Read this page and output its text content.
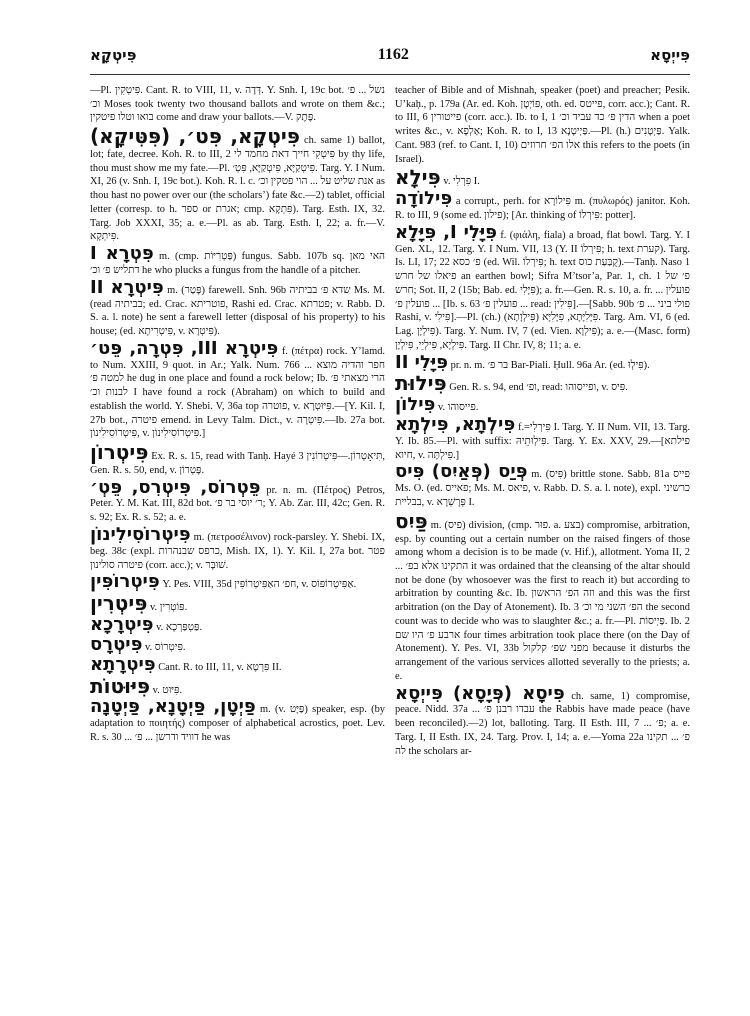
פִּיטְקָא	1162	פִּייְסָא

—Pl. פִּיטְקִין. Cant. R. to VIII, 11, v. דְּדָה. Y. Snh. I, 19c bot. נשל ... פ׳ וכ׳ Moses took twenty two thousand ballots and wrote on them &c.; בואו וטלו פיטקין come and draw your ballots.—V. פֶּתֶק.

פִּיטְקָא, פִּט׳, (פִּטִּיקָא) ch. same 1) ballot, lot; fate, decree. Koh. R. to III, 2 פִּיטְקִי חייך דאת מחמד לי by thy life, thou must show me my fate.—Pl. פִּיטְקַיָּא, פִּיטְקַיָּא, פִּטְ׳. Targ. Y. I Num. XI, 26 (v. Snh. I, 19c bot.). Koh. R. l. c. אנת שליט על ... הוי פטקין וכ׳ as thou hast no power over our (the scholars’) fate &c.—2) tablet, official letter (corresp. to h. ספר or אגרת; cmp. פִּתְקָא). Targ. Esth. IX, 32. Targ. Job XXXI, 35; a. e.—Pl. as ab. Targ. Esth. I, 22; a. fr.—V. פִּיתְקָא.

פִּטְרָא I m. (cmp. פַּטְרִיּוֹת) fungus. Sabb. 107b sq. האי מאן דתליש פ׳ וכ׳ he who plucks a fungus from the handle of a pitcher.

פִּיטְרָא II m. (פָּטַר) farewell. Snh. 96b שדא פ׳ בביתיה Ms. M. (read בביתיה; ed. Crac. פוטריתא, Rashi ed. Crac. פטרתא; v. Rabb. D. S. a. l. note) he sent a farewell letter (disposal of his property) to his house; (ed. פִּיטְרִיתָא, v. פִּיטְרָא).

פִּיטְרָא III, פִּטְרָה, פֵּט׳ f. (πέτρα) rock. Y’lamd. to Num. XXIII, 9 quot. in Ar.; Yalk. Num. 766 ... חפר והדיה מוצא למטה פ׳ he dug in one place and found a rock below; Ib. הרי מצאתי פ׳ לבנות וכ׳ I have found a rock (Abraham) on which to build and establish the world. Y. Shebi. V, 36a top פוטרה, v. פִּיּוּטְרָא.—[Y. Kil. I, 27b bot., פיטרה emend. in Levy Talm. Dict., v. פִּיטְרָה.—Ib. 27a bot. פִּיטְרוֹסִילִינוֹן, v. פִּיטְרוֹסִילִינוֹן.]

פִּיטְרוֹן Ex. R. s. 15, read with Tanḥ. Hayé 3 תִּיאָטְרוֹן.—פִּיטְרוֹנִין, Gen. R. s. 50, end, v. פָּטְרוֹן.

פֵּטְרוֹס, פִּיטְרִס, פֵּטְ׳ pr. n. m. (Πέτρος) Petros, Peter. Y. M. Kat. III, 82d bot. ר׳ יוסי בר פ׳; Y. Ab. Zar. III, 42c; Gen. R. s. 92; Ex. R. s. 52; a. e.

פִּיטְרוֹסִילִינוֹן m. (πετροσέλινον) rock-parsley. Y. Shebi. IX, beg. 38c (expl. כרפס שבנהרות, Mish. IX, 1). Y. Kil. I, 27a bot. פטר פיטרה סולינון (corr. acc.); v. שׁוּבָּר.

פִּיטְרוֹפִּין Y. Pes. VIII, 35d חפ׳ האַפִּיטְרוֹפִּין, v. אַפִּיטְרוֹפּוֹס.

פִּיטְרִין v. פּוֹטְרִין.

פִּיטְרָכָא v. פַּטְפַּרְכָא.

פִּיטְרָס v. פִּיטְרוֹס.

פִּיטְרָתָא Cant. R. to III, 11, v. פִּרְטָא II.

פִּיּוּטוֹת v. פִּיּוּט.

פַּיְטָן, פַּיְטָנָא, פַּיְטָנָה m. (v. פַּיָּט) speaker, esp. (by adaptation to ποιητής) composer of alphabetical acrostics, poet. Lev. R. s. 30 ... דוויד ודרשן ... פ׳ he was

teacher of Bible and of Mishnah, speaker (poet) and preacher; Pesik. U’kaḥ., p. 179a (Ar. ed. Koh. פּוֹיְטָן, oth. ed. פייטס, corr. acc.); Cant. R. to III, 6 פייטורין (corr. acc.). Ib. to I, 1 הדין פ׳ כד עביד וכ׳ when a poet writes &c., v. אַלְפָא; Koh. R. to I, 13 פַּיְיטָנָא.—Pl. (h.) פַּיְטָנִים. Yalk. Cant. 983 (ref. to Cant. I, 10) אלו הפ׳ חרוזים this refers to the poets (in Israel).

פִּילָא v. פִּרְלִי I.

פִּילוֹדָה a corrupt., perh. for פִּילוֹרָא m. (πυλωρός) janitor. Koh. R. to III, 9 (some ed. פילון); [Ar. thinking of פִּירְלוֹ: potter].

פִּיָּלִי I, פִּיָּלָא f. (φιάλη, fiala) a broad, flat bowl. Targ. Y. I Gen. XL, 12. Targ. Y. I Num. VII, 13 (Y. II פִּירְלוֹ; h. text קערת). Targ. Is. LI, 17; 22 פ׳ כסא (ed. Wil. פִּירְלוֹ; h. text קֻבַּעַת כוס).—Tanḥ. Naso 1 פיאלו של חרש an earthen bowl; Sifra M’tsor’a, Par. 1, ch. 1 פ׳ של חרש; Sot. II, 2 (15b; Bab. ed. פִּיָּלִי); a. fr.—Gen. R. s. 10, a. fr. פועלין ... פועלין פ׳ ... [Ib. s. 63 פועלין פ׳ ... read: פִּילִין].—[Sabb. 90b פולי ביני ... פ׳ Rashi, v. פִּילִי].—Pl. (ch.) פִּיָּלִיָּתָא, פִּיָּלִיָּא (פִּילְוָתָא). Targ. Am. VI, 6 (ed. Lag. פִּילְיָן). Targ. Y. Num. IV, 7 (ed. Vien. פִּילְוָא); a. e.—(Masc. form) פִּילְיָא, פִּילְיֵי, פִּילְיָן. Targ. II Chr. IV, 8; 11; a. e.

פִּיָּלִי II pr. n. m. בר פ׳ Bar-Piali. Ḥull. 96a Ar. (ed. פִּילְוּ).

פִּילוּת Gen. R. s. 94, end ופ׳, read: ופייסוהו, v. פִּיס.

פִּילוֹן v. פייסוהו.

פִּילְתָא, פִּילְתָא f.=פִּירְלִי I. Targ. Y. II Num. VII, 13. Targ. Y. Ib. 85.—Pl. with suffix: פִּילְוּתֵיהּ. Targ. Y. Ex. XXV, 29.—[פילתא חיוא, v. פִּילְתָּה.]

פְּיַס (פְּאַיִס) פִּיס m. (פִּיס) brittle stone. Sabb. 81a פייס Ms. O. (ed. פאייס; Ms. M. פיאס, v. Rabb. D. S. a. l. note), expl. כרשיני בבליית, v. פְּרָשְׁרָא I.

פַּיִס m. (פיס) division, (cmp. פוּר. a. בצע) compromise, arbitration, esp. by counting out a certain number on the raised fingers of those among whom a decision is to be made (v. Hif.), allotment. Yoma II, 2 ... התקינו אלא בפ׳ it was ordained that the cleansing of the altar should not be done (by whosoever was the first to reach it) but according to arbitration by counting &c. Ib. וזה הפ׳ הראשון and this was the first arbitration (on the Day of Atonement). Ib. 3 הפ׳ השני מי וכ׳ the second count was to decide who was to slaughter &c.; a. fr.—Pl. פַּיְיסוֹת. Ib. 2 ארבע פ׳ היו שם four times arbitration took place there (on the Day of Atonement). Y. Pes. VI, 33b מפני שפ׳ קלקול because it disturbs the arrangement of the various services allotted severally to the priests; a. e.

פִּיסָא (פְּיָסָא) פִּייְסָא ch. same, 1) compromise, peace. Nidd. 37a ... עבדו רבנן פ׳ the Rabbis have made peace (have been reconciled).—2) lot, balloting. Targ. II Esth. III, 7 ... פ׳; a. e. Targ. I, II Esth. IX, 24. Targ. Prov. I, 14; a. e.—Yoma 22a פ׳ ... תקינו לה the scholars ar-
